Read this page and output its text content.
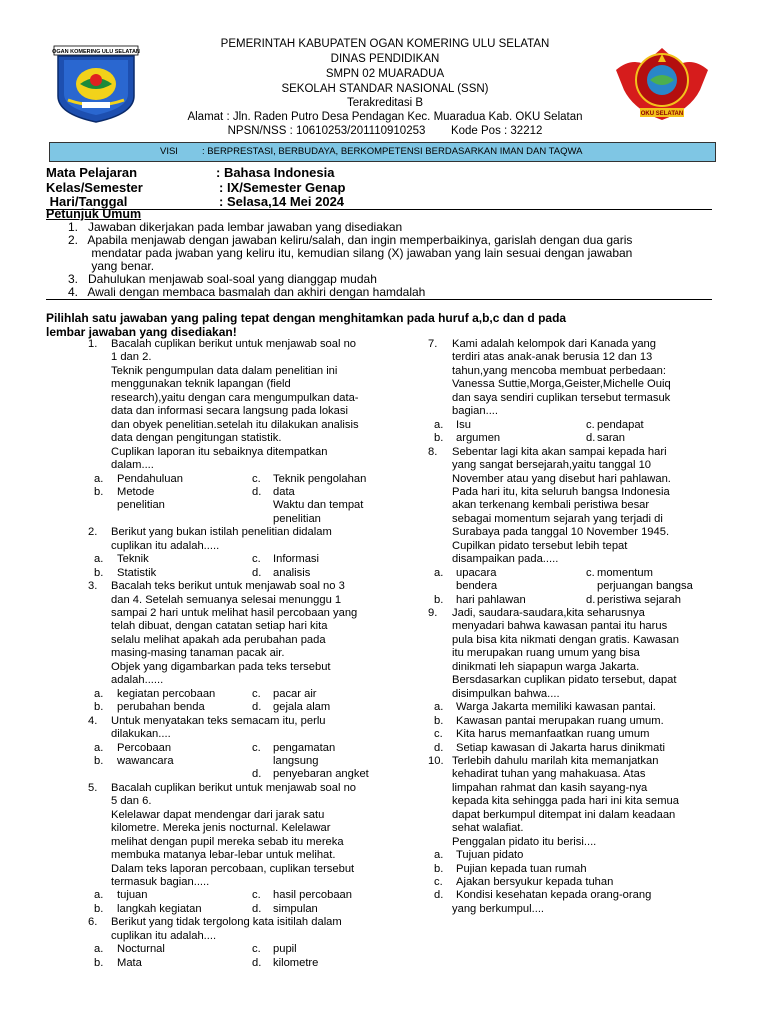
OGAN KOMERING ULU SELATAN
PEMERINTAH KABUPATEN OGAN KOMERING ULU SELATAN
DINAS PENDIDIKAN
SMPN 02 MUARADUA
SEKOLAH STANDAR NASIONAL (SSN)
Terakreditasi B
Alamat : Jln. Raden Putro Desa Pendagan Kec. Muaradua Kab. OKU Selatan
NPSN/NSS : 10610253/201110910253        Kode Pos : 32212
OKU SELATAN
VISI	: BERPRESTASI, BERBUDAYA, BERKOMPETENSI BERDASARKAN IMAN DAN TAQWA
Mata Pelajaran	: Bahasa Indonesia
Kelas/Semester	: IX/Semester Genap
Hari/Tanggal	: Selasa,14 Mei 2024
Petunjuk Umum
1.   Jawaban dikerjakan pada lembar jawaban yang disediakan
2.   Apabila menjawab dengan jawaban keliru/salah, dan ingin memperbaikinya, garislah dengan dua garis
mendatar pada jwaban yang keliru itu, kemudian silang (X) jawaban yang lain sesuai dengan jawaban
yang benar.
3.   Dahulukan menjawab soal-soal yang dianggap mudah
4.   Awali dengan membaca basmalah dan akhiri dengan hamdalah
Pilihlah satu jawaban yang paling tepat dengan menghitamkan pada huruf a,b,c dan d pada
lembar jawaban yang disediakan!
1. Bacalah cuplikan berikut untuk menjawab soal no
1 dan 2.
Teknik pengumpulan data dalam penelitian ini
menggunakan teknik lapangan (field
research),yaitu dengan cara mengumpulkan data-
data dan informasi secara langsung pada lokasi
dan obyek penelitian.setelah itu dilakukan analisis
data dengan pengitungan statistik.
Cuplikan laporan itu sebaiknya ditempatkan
dalam....
a. Pendahuluan	c. Teknik pengolahan
b. Metode	d. data
penelitian	Waktu dan tempat
penelitian
2. Berikut yang bukan istilah penelitian didalam
cuplikan itu adalah.....
a. Teknik	c. Informasi
b. Statistik	d. analisis
3. Bacalah teks berikut untuk menjawab soal no 3
dan 4. Setelah semuanya selesai menunggu 1
sampai 2 hari untuk melihat hasil percobaan yang
telah dibuat, dengan catatan setiap hari kita
selalu melihat apakah ada perubahan pada
masing-masing tanaman pacak air.
Objek yang digambarkan pada teks tersebut
adalah......
a. kegiatan percobaan	c. pacar air
b. perubahan benda	d. gejala alam
4. Untuk menyatakan teks semacam itu, perlu
dilakukan....
a. Percobaan	c. pengamatan
b. wawancara	langsung
d. penyebaran angket
5. Bacalah cuplikan berikut untuk menjawab soal no
5 dan 6.
Kelelawar dapat mendengar dari jarak satu
kilometre. Mereka jenis nocturnal. Kelelawar
melihat dengan pupil mereka sebab itu mereka
membuka matanya lebar-lebar untuk melihat.
Dalam teks laporan percobaan, cuplikan tersebut
termasuk bagian.....
a. tujuan	c. hasil percobaan
b. langkah kegiatan	d. simpulan
6. Berikut yang tidak tergolong kata isitilah dalam
cuplikan itu adalah....
a. Nocturnal	c. pupil
b. Mata	d. kilometre
7. Kami adalah kelompok dari Kanada yang
terdiri atas anak-anak berusia 12 dan 13
tahun,yang mencoba membuat perbedaan:
Vanessa Suttie,Morga,Geister,Michelle Ouiq
dan saya sendiri cuplikan tersebut termasuk
bagian....
a. Isu	c. pendapat
b. argumen	d. saran
8. Sebentar lagi kita akan sampai kepada hari
yang sangat bersejarah,yaitu tanggal 10
November atau yang disebut hari pahlawan.
Pada hari itu, kita seluruh bangsa Indonesia
akan terkenang kembali peristiwa besar
sebagai momentum sejarah yang terjadi di
Surabaya pada tanggal 10 November 1945.
Cupilkan pidato tersebut lebih tepat
disampaikan pada.....
a. upacara	c. momentum
bendera	perjuangan bangsa
b. hari pahlawan	d. peristiwa sejarah
9. Jadi, saudara-saudara,kita seharusnya
menyadari bahwa kawasan pantai itu harus
pula bisa kita nikmati dengan gratis. Kawasan
itu merupakan ruang umum yang bisa
dinikmati leh siapapun warga Jakarta.
Bersdasarkan cuplikan pidato tersebut, dapat
disimpulkan bahwa....
a. Warga Jakarta memiliki kawasan pantai.
b. Kawasan pantai merupakan ruang umum.
c. Kita harus memanfaatkan ruang umum
d. Setiap kawasan di Jakarta harus dinikmati
10. Terlebih dahulu marilah kita memanjatkan
kehadirat tuhan yang mahakuasa. Atas
limpahan rahmat dan kasih sayang-nya
kepada kita sehingga pada hari ini kita semua
dapat berkumpul ditempat ini dalam keadaan
sehat walafiat.
Penggalan pidato itu berisi....
a. Tujuan pidato
b. Pujian kepada tuan rumah
c. Ajakan bersyukur kepada tuhan
d. Kondisi kesehatan kepada orang-orang
yang berkumpul....
